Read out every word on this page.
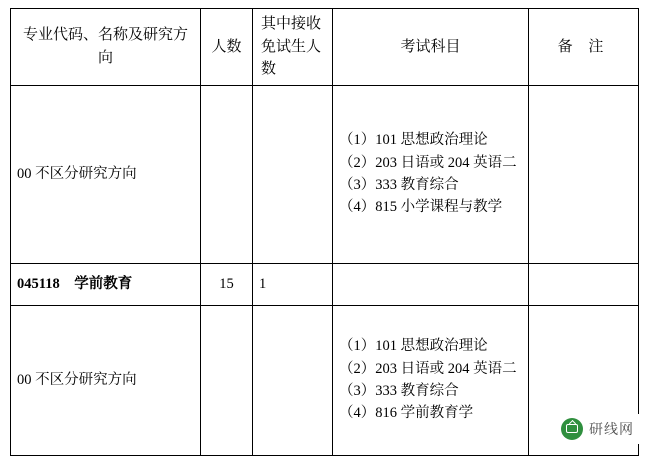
专业代码、名称及研究方向	人数	其中接收免试生人数	考试科目	备 注
00 不区分研究方向			（1）101 思想政治理论
（2）203 日语或 204 英语二
（3）333 教育综合
（4）815 小学课程与教学	

045118 学前教育	15	1		
00 不区分研究方向			（1）101 思想政治理论
（2）203 日语或 204 英语二
（3）333 教育综合
（4）816 学前教育学	

研线网
